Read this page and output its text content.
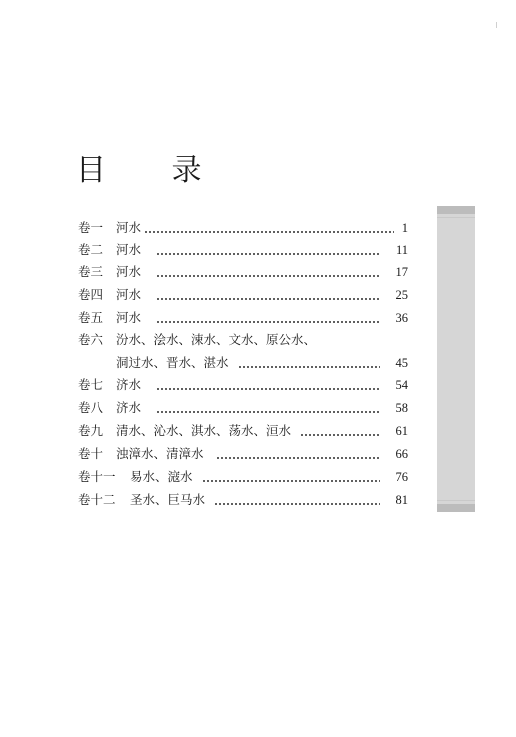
目 录
卷一 河水	1
卷二 河水	11
卷三 河水	17
卷四 河水	25
卷五 河水	36
卷六 汾水、浍水、涑水、文水、原公水、
洞过水、晋水、湛水	45
卷七 济水	54
卷八 济水	58
卷九 清水、沁水、淇水、荡水、洹水	61
卷十 浊漳水、清漳水	66
卷十一 易水、滱水	76
卷十二 圣水、巨马水	81
